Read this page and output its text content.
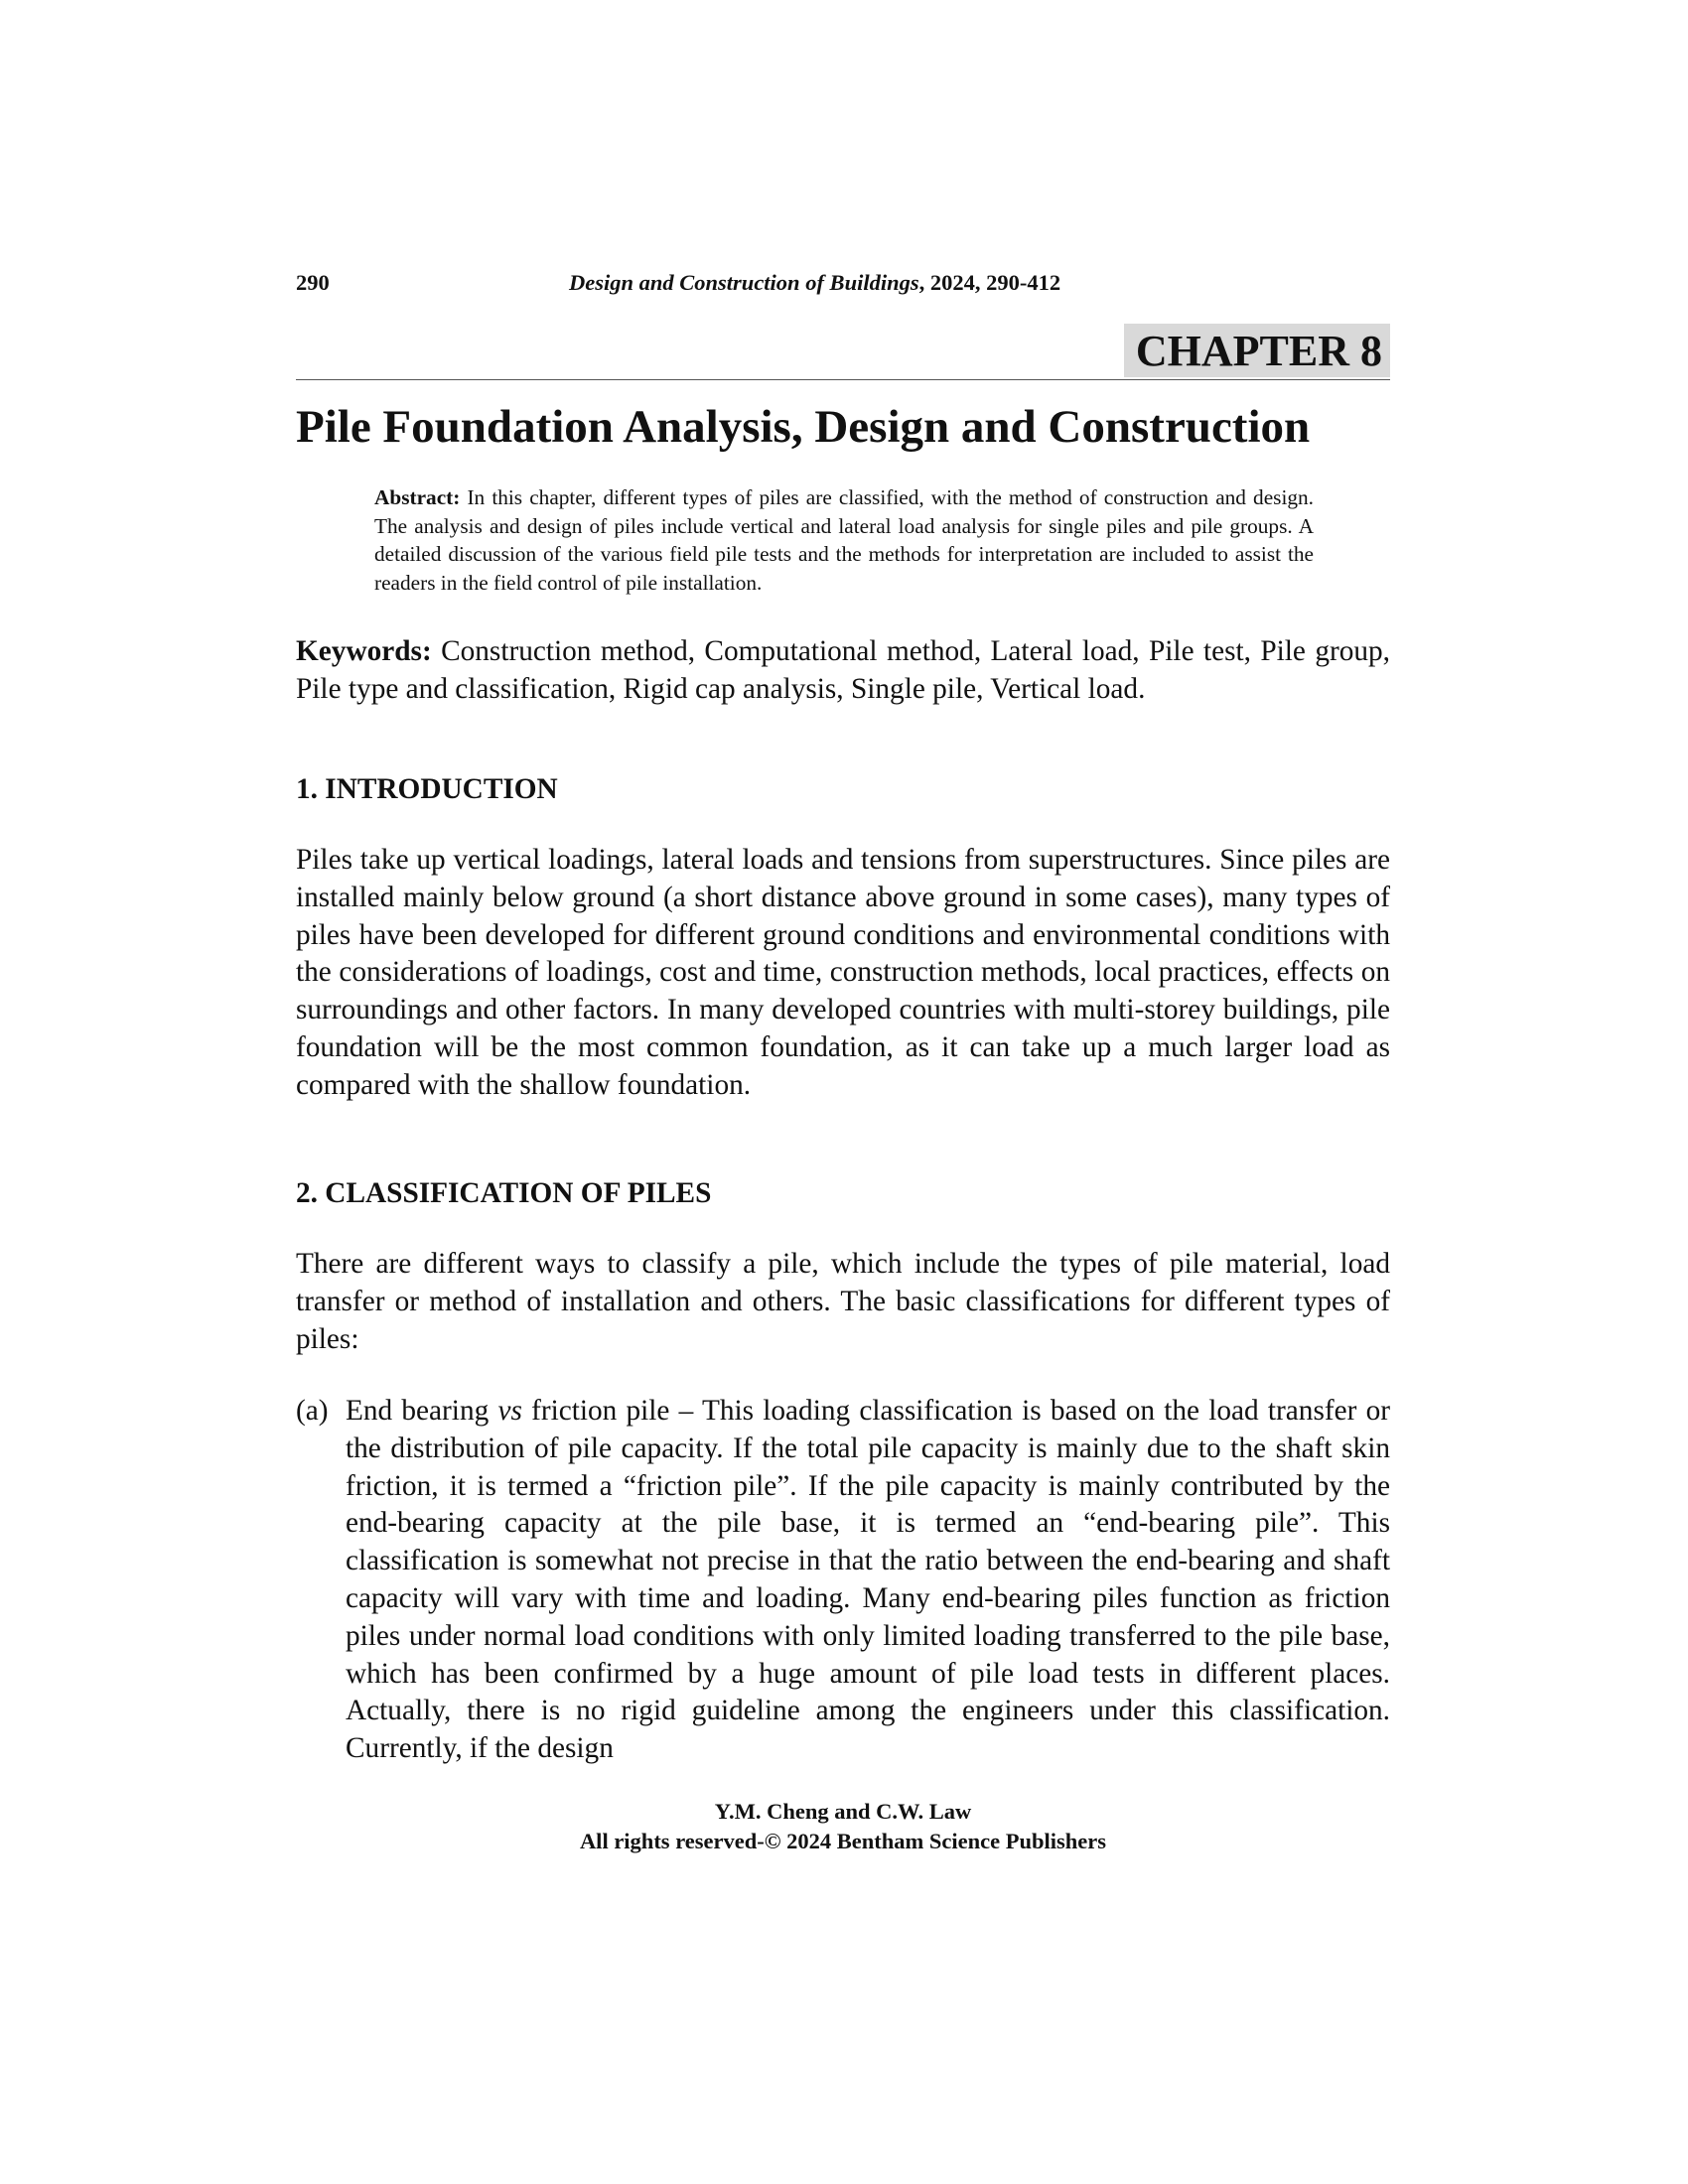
290	Design and Construction of Buildings, 2024, 290-412
CHAPTER 8
Pile Foundation Analysis, Design and Construction
Abstract: In this chapter, different types of piles are classified, with the method of construction and design. The analysis and design of piles include vertical and lateral load analysis for single piles and pile groups. A detailed discussion of the various field pile tests and the methods for interpretation are included to assist the readers in the field control of pile installation.
Keywords: Construction method, Computational method, Lateral load, Pile test, Pile group, Pile type and classification, Rigid cap analysis, Single pile, Vertical load.
1. INTRODUCTION
Piles take up vertical loadings, lateral loads and tensions from superstructures. Since piles are installed mainly below ground (a short distance above ground in some cases), many types of piles have been developed for different ground conditions and environmental conditions with the considerations of loadings, cost and time, construction methods, local practices, effects on surroundings and other factors. In many developed countries with multi-storey buildings, pile foundation will be the most common foundation, as it can take up a much larger load as compared with the shallow foundation.
2. CLASSIFICATION OF PILES
There are different ways to classify a pile, which include the types of pile material, load transfer or method of installation and others. The basic classifications for different types of piles:
(a) End bearing vs friction pile – This loading classification is based on the load transfer or the distribution of pile capacity. If the total pile capacity is mainly due to the shaft skin friction, it is termed a “friction pile”. If the pile capacity is mainly contributed by the end-bearing capacity at the pile base, it is termed an “end-bearing pile”. This classification is somewhat not precise in that the ratio between the end-bearing and shaft capacity will vary with time and loading. Many end-bearing piles function as friction piles under normal load conditions with only limited loading transferred to the pile base, which has been confirmed by a huge amount of pile load tests in different places. Actually, there is no rigid guideline among the engineers under this classification. Currently, if the design
Y.M. Cheng and C.W. Law
All rights reserved-© 2024 Bentham Science Publishers
